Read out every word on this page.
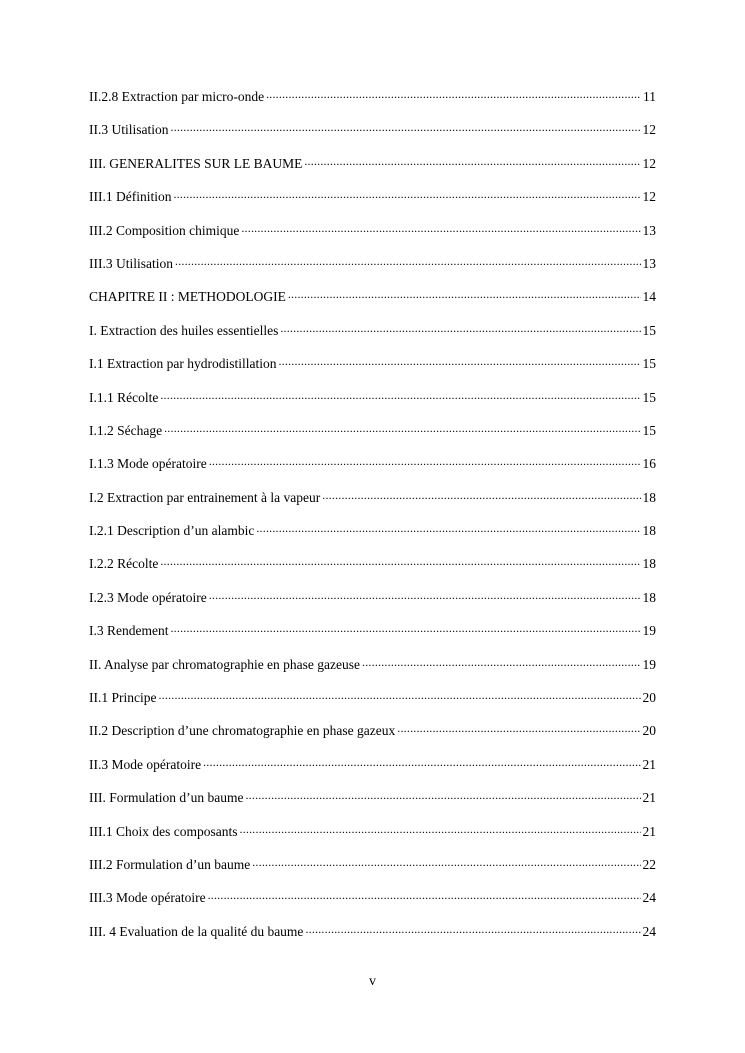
II.2.8 Extraction par micro-onde .....	11
II.3 Utilisation .....	12
III. GENERALITES SUR LE BAUME .....	12
III.1 Définition .....	12
III.2 Composition chimique .....	13
III.3 Utilisation .....	13
CHAPITRE II : METHODOLOGIE .....	14
I. Extraction des huiles essentielles .....	15
I.1 Extraction par hydrodistillation .....	15
I.1.1 Récolte .....	15
I.1.2 Séchage .....	15
I.1.3 Mode opératoire .....	16
I.2 Extraction par entrainement à la vapeur .....	18
I.2.1 Description d’un alambic .....	18
I.2.2 Récolte .....	18
I.2.3 Mode opératoire .....	18
I.3 Rendement .....	19
II. Analyse par chromatographie en phase gazeuse .....	19
II.1 Principe .....	20
II.2 Description d’une chromatographie en phase gazeux .....	20
II.3 Mode opératoire .....	21
III. Formulation d’un baume .....	21
III.1 Choix des composants .....	21
III.2 Formulation d’un baume .....	22
III.3 Mode opératoire .....	24
III. 4 Evaluation de la qualité du baume .....	24
v
